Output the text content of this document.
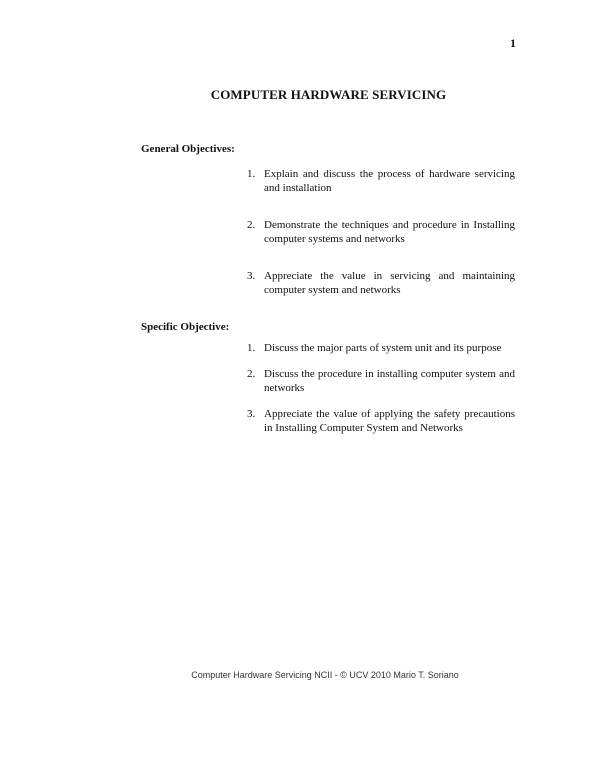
1
COMPUTER HARDWARE SERVICING
General Objectives:
1. Explain and discuss the process of hardware servicing and installation
2. Demonstrate the techniques and procedure in Installing computer systems and networks
3. Appreciate the value in servicing and maintaining computer system and networks
Specific Objective:
1. Discuss the major parts of system unit and its purpose
2. Discuss the procedure in installing computer system and networks
3. Appreciate the value of applying the safety precautions in Installing Computer System and Networks
Computer Hardware Servicing NCII - © UCV 2010 Mario T. Soriano
